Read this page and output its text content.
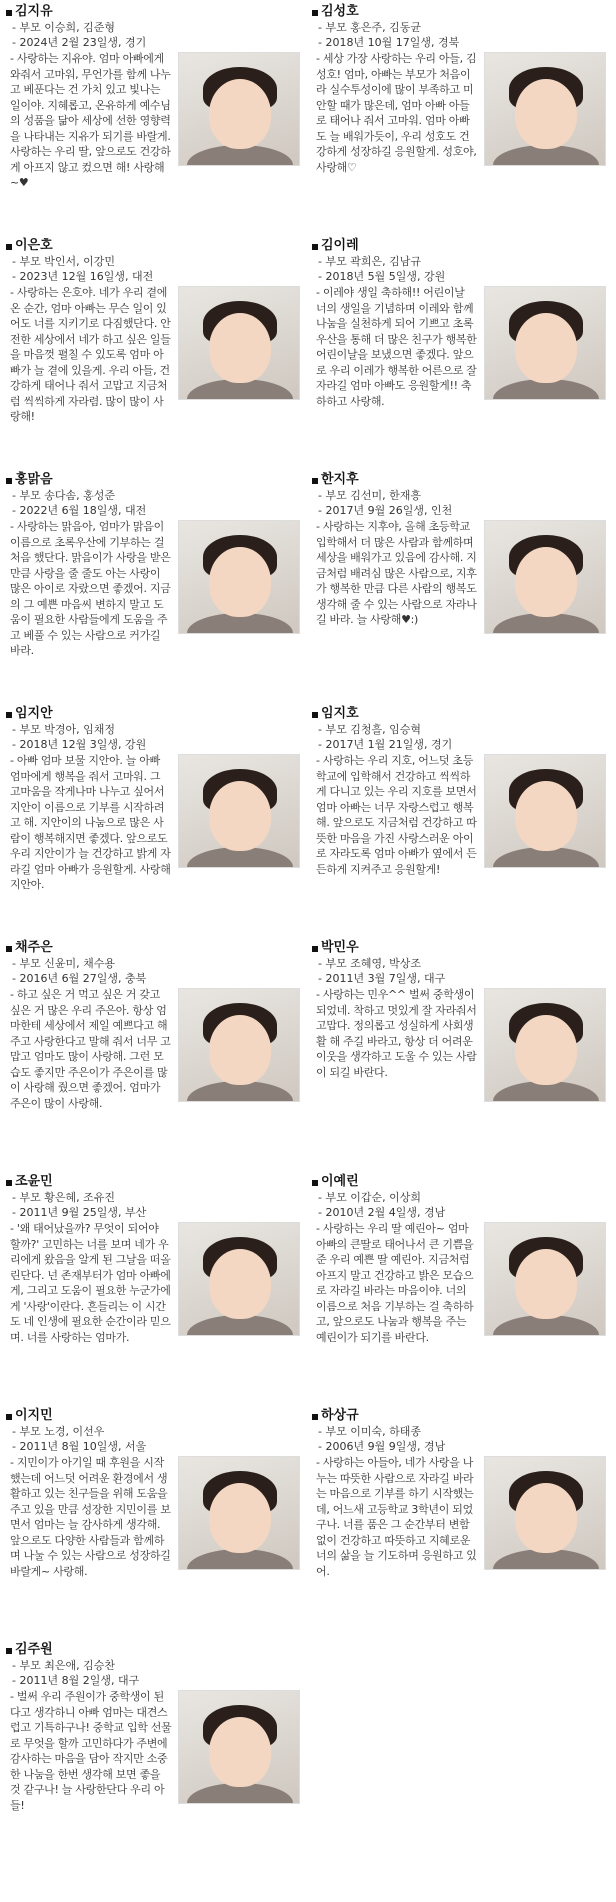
김지유
- 부모 이승희, 김준형
- 2024년 2월 23일생, 경기
- 사랑하는 지유야. 엄마 아빠에게 와줘서 고마워, 무언가를 함께 나누고 베푼다는 건 가치 있고 빛나는 일이야. 지혜롭고, 온유하게 예수님의 성품을 닮아 세상에 선한 영향력을 나타내는 지유가 되기를 바랄게. 사랑하는 우리 딸, 앞으로도 건강하게 아프지 않고 컸으면 해! 사랑해~♥
이은호
- 부모 박인서, 이강민
- 2023년 12월 16일생, 대전
- 사랑하는 은호야. 네가 우리 곁에 온 순간, 엄마 아빠는 무슨 일이 있어도 너를 지키기로 다짐했단다. 안전한 세상에서 네가 하고 싶은 일들을 마음껏 펼칠 수 있도록 엄마 아빠가 늘 곁에 있을게. 우리 아들, 건강하게 태어나 줘서 고맙고 지금처럼 씩씩하게 자라렴. 많이 많이 사랑해!
홍맑음
- 부모 송다솜, 홍성준
- 2022년 6월 18일생, 대전
- 사랑하는 맑음아, 엄마가 맑음이 이름으로 초록우산에 기부하는 걸 처음 했단다. 맑음이가 사랑을 받은 만큼 사랑을 줄 줄도 아는 사랑이 많은 아이로 자랐으면 좋겠어. 지금의 그 예쁜 마음씨 변하지 말고 도움이 필요한 사람들에게 도움을 주고 베풀 수 있는 사람으로 커가길 바라.
임지안
- 부모 박경아, 임채정
- 2018년 12월 3일생, 강원
- 아빠 엄마 보물 지안아. 늘 아빠 엄마에게 행복을 줘서 고마워. 그 고마움을 작게나마 나누고 싶어서 지안이 이름으로 기부를 시작하려고 해. 지안이의 나눔으로 많은 사람이 행복해지면 좋겠다. 앞으로도 우리 지안이가 늘 건강하고 밝게 자라길 엄마 아빠가 응원할게. 사랑해 지안아.
채주은
- 부모 신윤미, 채수용
- 2016년 6월 27일생, 충북
- 하고 싶은 거 먹고 싶은 거 갖고 싶은 거 많은 우리 주은아. 항상 엄마한테 세상에서 제일 예쁘다고 해주고 사랑한다고 말해 줘서 너무 고맙고 엄마도 많이 사랑해. 그런 모습도 좋지만 주은이가 주은이를 많이 사랑해 줬으면 좋겠어. 엄마가 주은이 많이 사랑해.
조윤민
- 부모 황은혜, 조유진
- 2011년 9월 25일생, 부산
- '왜 태어났을까? 무엇이 되어야 할까?' 고민하는 너를 보며 네가 우리에게 왔음을 알게 된 그날을 떠올린단다. 넌 존재부터가 엄마 아빠에게, 그리고 도움이 필요한 누군가에게 '사랑'이란다. 흔들리는 이 시간도 네 인생에 필요한 순간이라 믿으며. 너를 사랑하는 엄마가.
이지민
- 부모 노경, 이선우
- 2011년 8월 10일생, 서울
- 지민이가 아기일 때 후원을 시작했는데 어느덧 어려운 환경에서 생활하고 있는 친구들을 위해 도움을 주고 있을 만큼 성장한 지민이를 보면서 엄마는 늘 감사하게 생각해. 앞으로도 다양한 사람들과 함께하며 나눌 수 있는 사람으로 성장하길 바랄게~ 사랑해.
김주원
- 부모 최은애, 김승찬
- 2011년 8월 2일생, 대구
- 벌써 우리 주원이가 중학생이 된다고 생각하니 아빠 엄마는 대견스럽고 기특하구나! 중학교 입학 선물로 무엇을 할까 고민하다가 주변에 감사하는 마음을 담아 작지만 소중한 나눔을 한번 생각해 보면 좋을 것 같구나! 늘 사랑한단다 우리 아들!
김성호
- 부모 홍은주, 김동균
- 2018년 10월 17일생, 경북
- 세상 가장 사랑하는 우리 아들, 김성호! 엄마, 아빠는 부모가 처음이라 실수투성이에 많이 부족하고 미안할 때가 많은데, 엄마 아빠 아들로 태어나 줘서 고마워. 엄마 아빠도 늘 배워가듯이, 우리 성호도 건강하게 성장하길 응원할게. 성호야, 사랑해♡
김이레
- 부모 곽희은, 김남규
- 2018년 5월 5일생, 강원
- 이레야 생일 축하해!! 어린이날 너의 생일을 기념하며 이레와 함께 나눔을 실천하게 되어 기쁘고 초록우산을 통해 더 많은 친구가 행복한 어린이날을 보냈으면 좋겠다. 앞으로 우리 이레가 행복한 어른으로 잘 자라길 엄마 아빠도 응원할게!! 축하하고 사랑해.
한지후
- 부모 김선미, 한재흥
- 2017년 9월 26일생, 인천
- 사랑하는 지후야, 올해 초등학교 입학해서 더 많은 사람과 함께하며 세상을 배워가고 있음에 감사해. 지금처럼 배려심 많은 사람으로, 지후가 행복한 만큼 다른 사람의 행복도 생각해 줄 수 있는 사람으로 자라나길 바라. 늘 사랑해♥:)
임지호
- 부모 김청흘, 임승혁
- 2017년 1월 21일생, 경기
- 사랑하는 우리 지호, 어느덧 초등학교에 입학해서 건강하고 씩씩하게 다니고 있는 우리 지호를 보면서 엄마 아빠는 너무 자랑스럽고 행복해. 앞으로도 지금처럼 건강하고 따뜻한 마음을 가진 사랑스러운 아이로 자라도록 엄마 아빠가 옆에서 든든하게 지켜주고 응원할게!
박민우
- 부모 조혜영, 박상조
- 2011년 3월 7일생, 대구
- 사랑하는 민우^^ 벌써 중학생이 되었네. 착하고 멋있게 잘 자라줘서 고맙다. 정의롭고 성실하게 사회생활 해 주길 바라고, 항상 더 어려운 이웃을 생각하고 도울 수 있는 사람이 되길 바란다.
이예린
- 부모 이갑순, 이상희
- 2010년 2월 4일생, 경남
- 사랑하는 우리 딸 예린아~ 엄마 아빠의 큰딸로 태어나서 큰 기쁨을 준 우리 예쁜 딸 예린아. 지금처럼 아프지 말고 건강하고 밝은 모습으로 자라길 바라는 마음이야. 너의 이름으로 처음 기부하는 걸 축하하고, 앞으로도 나눔과 행복을 주는 예린이가 되기를 바란다.
하상규
- 부모 이미숙, 하태종
- 2006년 9월 9일생, 경남
- 사랑하는 아들아, 네가 사랑을 나누는 따뜻한 사람으로 자라길 바라는 마음으로 기부를 하기 시작했는데, 어느새 고등학교 3학년이 되었구나. 너를 품은 그 순간부터 변함없이 건강하고 따뜻하고 지혜로운 너의 삶을 늘 기도하며 응원하고 있어.
